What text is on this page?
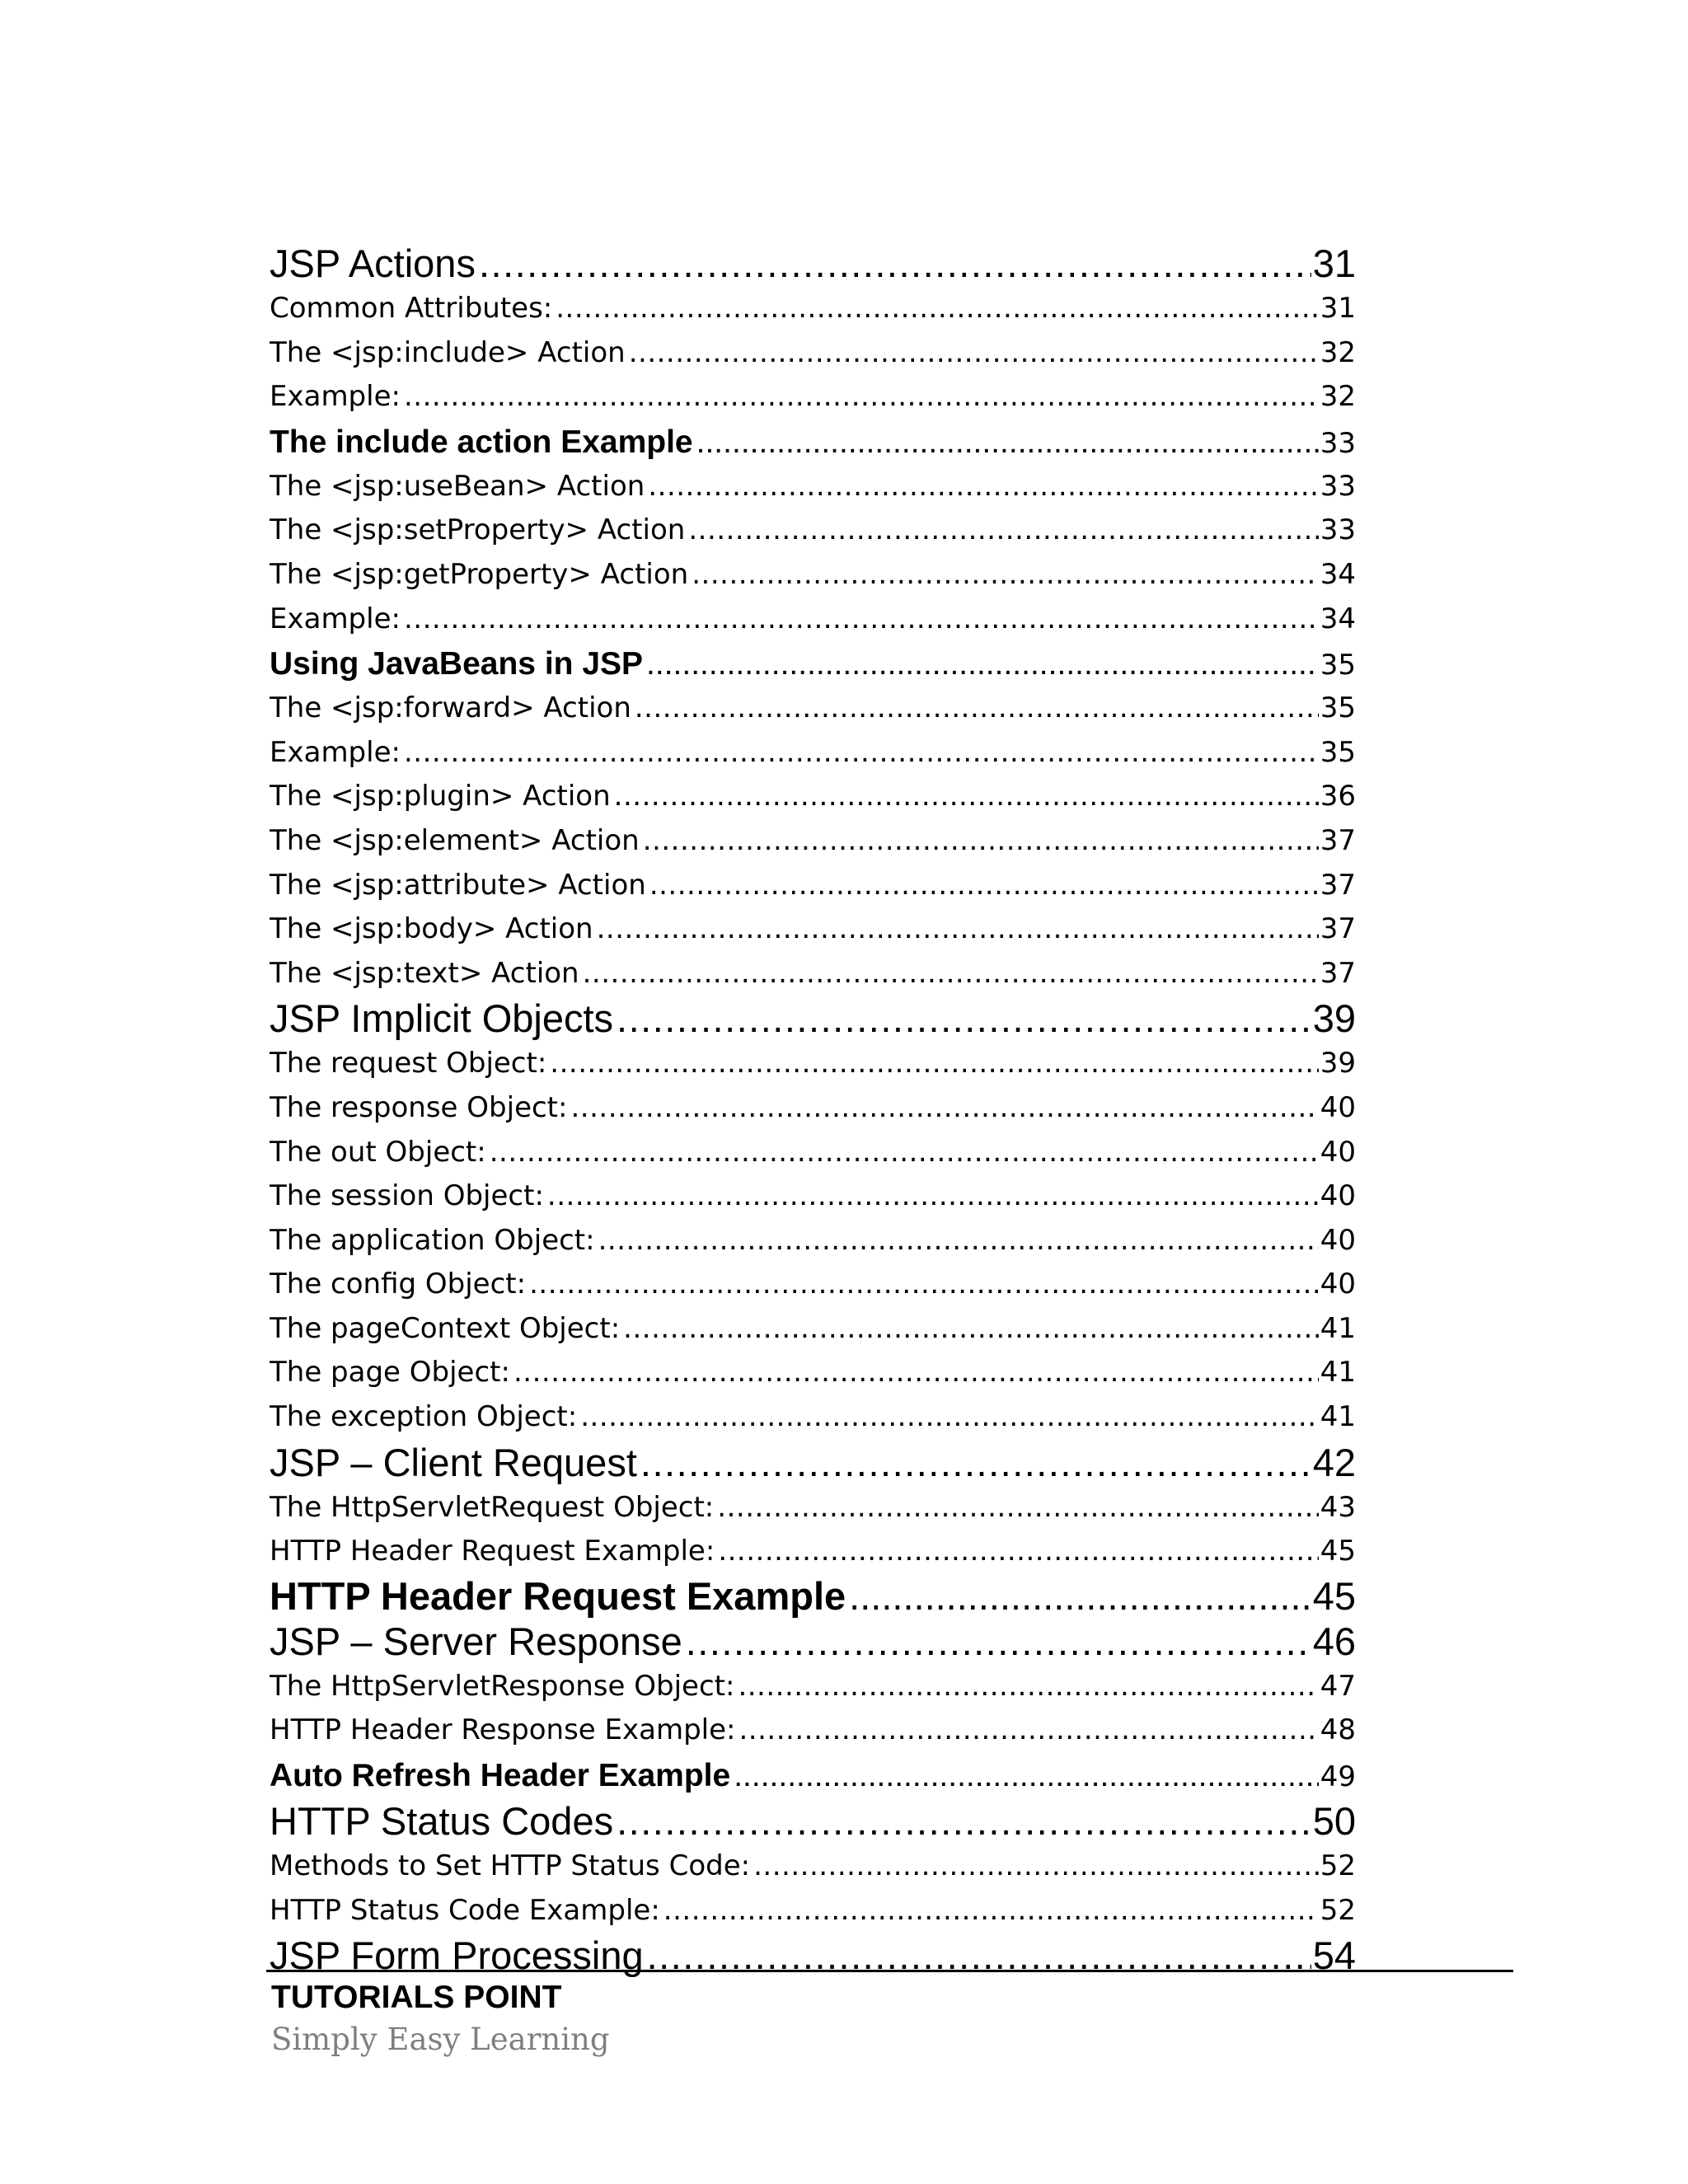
JSP Actions .....	31
Common Attributes: .....	31
The <jsp:include> Action .....	32
Example: .....	32
The include action Example .....	33
The <jsp:useBean> Action .....	33
The <jsp:setProperty> Action .....	33
The <jsp:getProperty> Action .....	34
Example: .....	34
Using JavaBeans in JSP .....	35
The <jsp:forward> Action .....	35
Example: .....	35
The <jsp:plugin> Action .....	36
The <jsp:element> Action .....	37
The <jsp:attribute> Action .....	37
The <jsp:body> Action .....	37
The <jsp:text> Action .....	37
JSP Implicit Objects .....	39
The request Object: .....	39
The response Object: .....	40
The out Object: .....	40
The session Object: .....	40
The application Object: .....	40
The config Object: .....	40
The pageContext Object: .....	41
The page Object: .....	41
The exception Object: .....	41
JSP – Client Request .....	42
The HttpServletRequest Object: .....	43
HTTP Header Request Example: .....	45
HTTP Header Request Example .....	45
JSP – Server Response .....	46
The HttpServletResponse Object: .....	47
HTTP Header Response Example: .....	48
Auto Refresh Header Example .....	49
HTTP Status Codes .....	50
Methods to Set HTTP Status Code: .....	52
HTTP Status Code Example: .....	52
JSP Form Processing .....	54
TUTORIALS POINT
Simply Easy Learning
